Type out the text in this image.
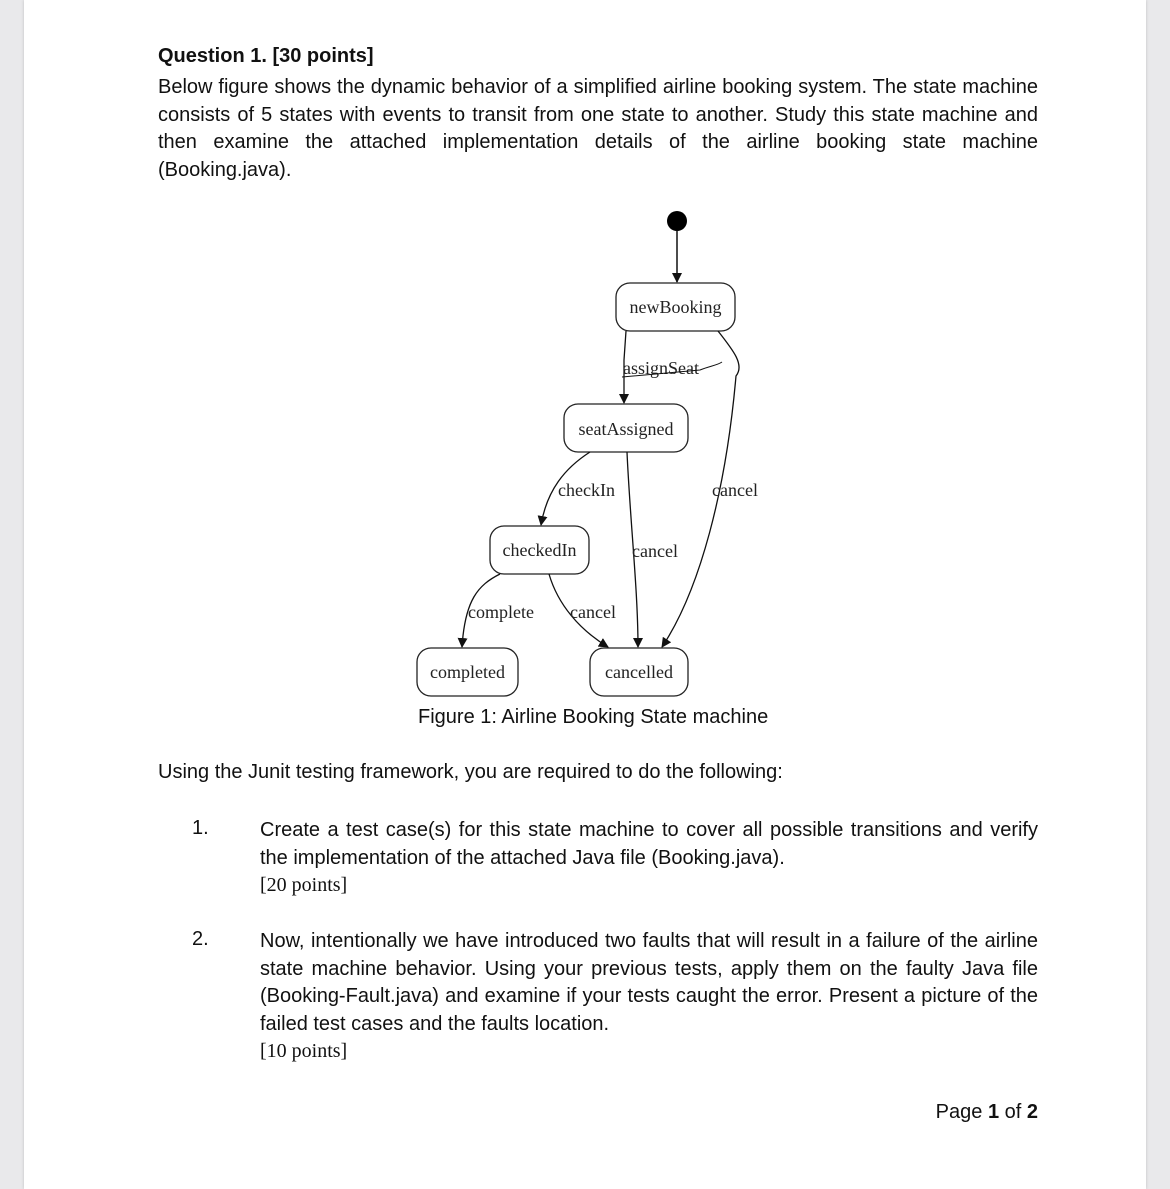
Question 1. [30 points]
Below figure shows the dynamic behavior of a simplified airline booking system. The state machine consists of 5 states with events to transit from one state to another. Study this state machine and then examine the attached implementation details of the airline booking state machine (Booking.java).
newBooking
seatAssigned
checkedIn
completed	cancelled
assignSeat
cancel
checkIn
cancel
complete cancel
Figure 1: Airline Booking State machine
Using the Junit testing framework, you are required to do the following:
1.	Create a test case(s) for this state machine to cover all possible transitions and verify the implementation of the attached Java file (Booking.java).
[20 points]
2.	Now, intentionally we have introduced two faults that will result in a failure of the airline state machine behavior. Using your previous tests, apply them on the faulty Java file (Booking-Fault.java) and examine if your tests caught the error. Present a picture of the failed test cases and the faults location.
[10 points]
Page 1 of 2
